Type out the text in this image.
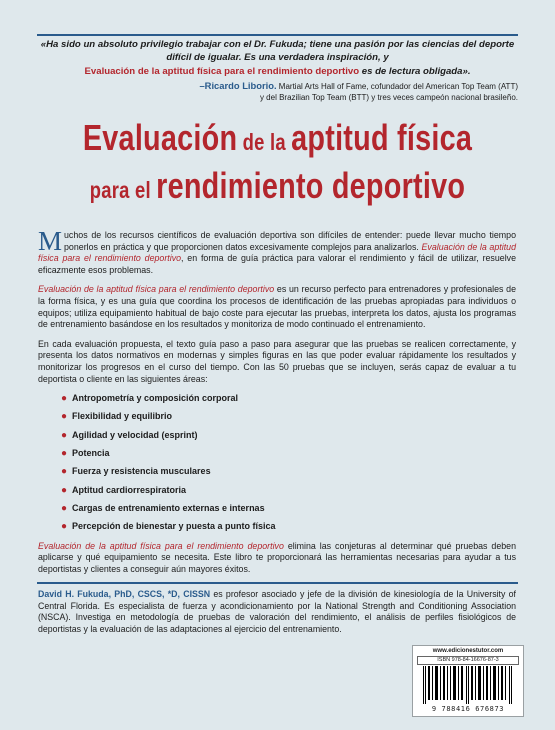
«Ha sido un absoluto privilegio trabajar con el Dr. Fukuda; tiene una pasión por las ciencias del deporte difícil de igualar. Es una verdadera inspiración, y
Evaluación de la aptitud física para el rendimiento deportivo es de lectura obligada».
–Ricardo Liborio. Martial Arts Hall of Fame, cofundador del American Top Team (ATT)
y del Brazilian Top Team (BTT) y tres veces campeón nacional brasileño.
Evaluación de la aptitud física
para el rendimiento deportivo

Muchos de los recursos científicos de evaluación deportiva son difíciles de entender: puede llevar mucho tiempo ponerlos en práctica y que proporcionen datos excesivamente complejos para analizarlos. Evaluación de la aptitud física para el rendimiento deportivo, en forma de guía práctica para valorar el rendimiento y fácil de utilizar, resuelve eficazmente esos problemas.

Evaluación de la aptitud física para el rendimiento deportivo es un recurso perfecto para entrenadores y profesionales de la forma física, y es una guía que coordina los procesos de identificación de las pruebas apropiadas para individuos o equipos; utiliza equipamiento habitual de bajo coste para ejecutar las pruebas, interpreta los datos, ajusta los programas de entrenamiento basándose en los resultados y monitoriza de modo continuado el entrenamiento.

En cada evaluación propuesta, el texto guía paso a paso para asegurar que las pruebas se realicen correctamente, y presenta los datos normativos en modernas y simples figuras en las que poder evaluar rápidamente los resultados y monitorizar los progresos en el curso del tiempo. Con las 50 pruebas que se incluyen, serás capaz de evaluar a tu deportista o cliente en las siguientes áreas:

● Antropometría y composición corporal
● Flexibilidad y equilibrio
● Agilidad y velocidad (esprint)
● Potencia
● Fuerza y resistencia musculares
● Aptitud cardiorrespiratoria
● Cargas de entrenamiento externas e internas
● Percepción de bienestar y puesta a punto física

Evaluación de la aptitud física para el rendimiento deportivo elimina las conjeturas al determinar qué pruebas deben aplicarse y qué equipamiento se necesita. Este libro te proporcionará las herramientas necesarias para ayudar a tus deportistas y clientes a conseguir aún mayores éxitos.

David H. Fukuda, PhD, CSCS, *D, CISSN es profesor asociado y jefe de la división de kinesiología de la University of Central Florida. Es especialista de fuerza y acondicionamiento por la National Strength and Conditioning Association (NSCA). Investiga en metodología de pruebas de valoración del rendimiento, el análisis de perfiles fisiológicos de deportistas y la evaluación de las adaptaciones al ejercicio del entrenamiento.
www.edicionestutor.com
ISBN 978-84-16676-87-3
9 788416 676873
